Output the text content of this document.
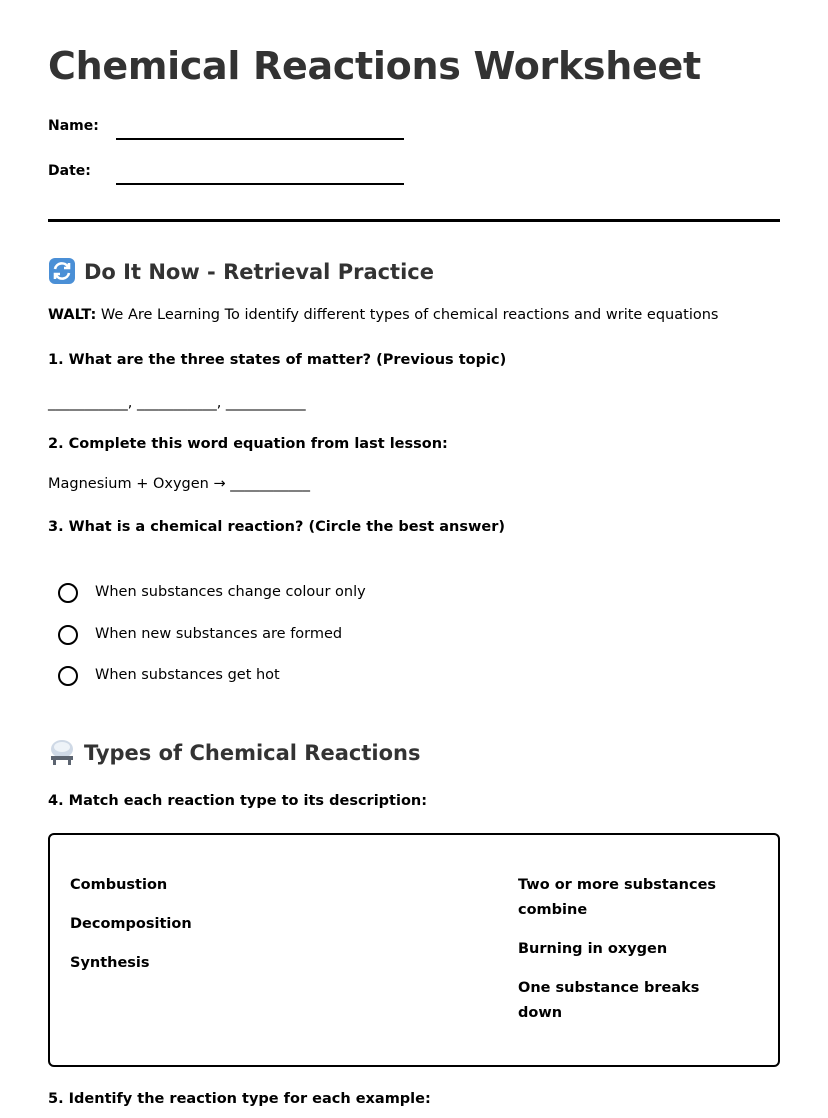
Chemical Reactions Worksheet
Name:
Date:
Do It Now - Retrieval Practice
WALT: We Are Learning To identify different types of chemical reactions and write equations
1. What are the three states of matter? (Previous topic)
___________, ___________, ___________
2. Complete this word equation from last lesson:
Magnesium + Oxygen → ___________
3. What is a chemical reaction? (Circle the best answer)
When substances change colour only
When new substances are formed
When substances get hot
Types of Chemical Reactions
4. Match each reaction type to its description:
Combustion
Decomposition
Synthesis
Two or more substances combine
Burning in oxygen
One substance breaks down
5. Identify the reaction type for each example:
